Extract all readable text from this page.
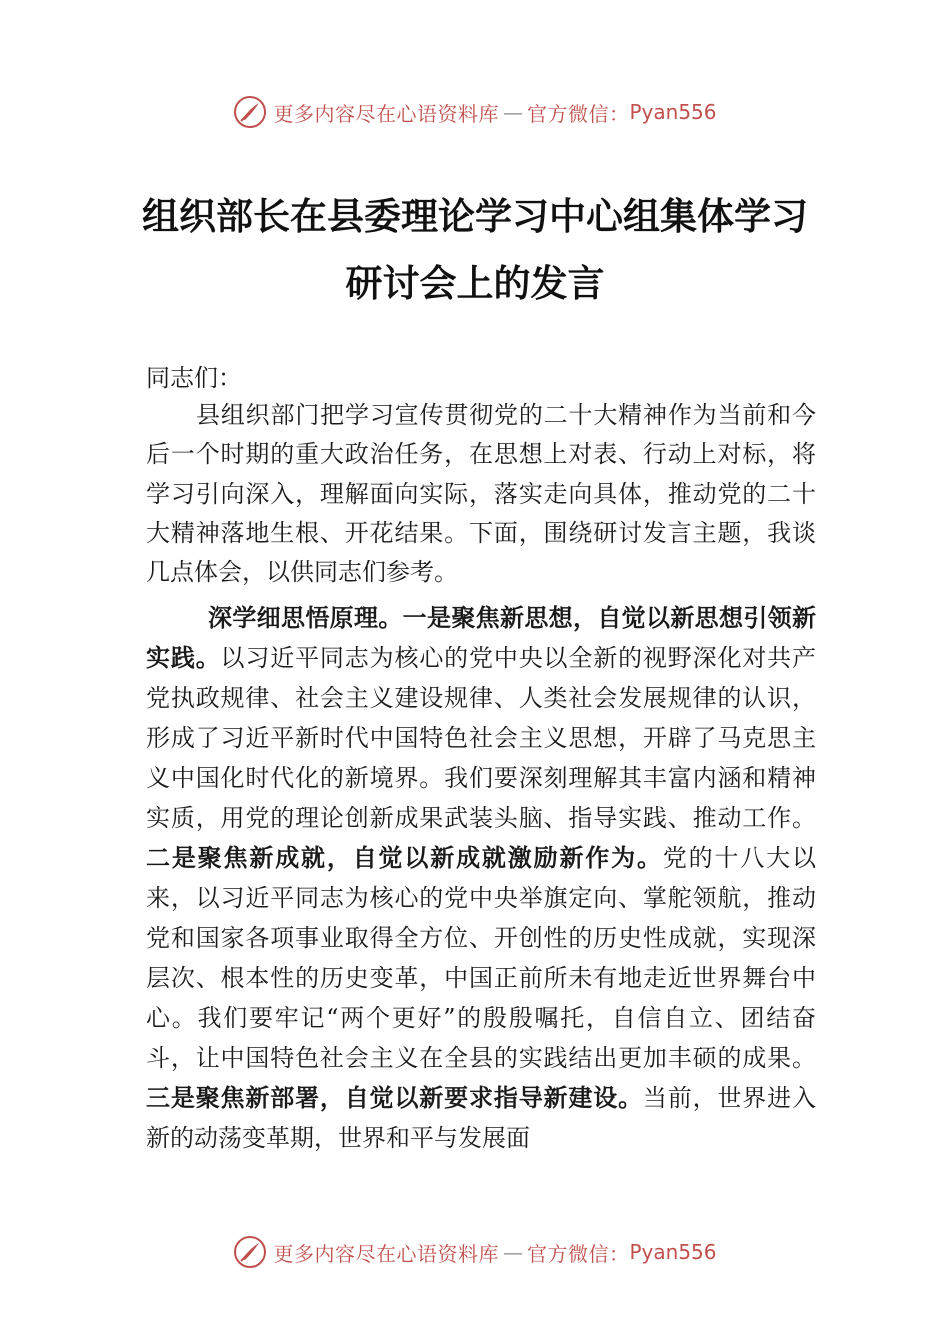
更多内容尽在心语资料库 — 官方微信： Pyan556
组织部长在县委理论学习中心组集体学习
研讨会上的发言
同志们：
县组织部门把学习宣传贯彻党的二十大精神作为当前和今后一个时期的重大政治任务，在思想上对表、行动上对标，将学习引向深入，理解面向实际，落实走向具体，推动党的二十大精神落地生根、开花结果。下面，围绕研讨发言主题，我谈几点体会，以供同志们参考。
深学细思悟原理。一是聚焦新思想，自觉以新思想引领新实践。以习近平同志为核心的党中央以全新的视野深化对共产党执政规律、社会主义建设规律、人类社会发展规律的认识，形成了习近平新时代中国特色社会主义思想，开辟了马克思主义中国化时代化的新境界。我们要深刻理解其丰富内涵和精神实质，用党的理论创新成果武装头脑、指导实践、推动工作。二是聚焦新成就，自觉以新成就激励新作为。党的十八大以来，以习近平同志为核心的党中央举旗定向、掌舵领航，推动党和国家各项事业取得全方位、开创性的历史性成就，实现深层次、根本性的历史变革，中国正前所未有地走近世界舞台中心。我们要牢记“两个更好”的殷殷嘱托，自信自立、团结奋斗，让中国特色社会主义在全县的实践结出更加丰硕的成果。三是聚焦新部署，自觉以新要求指导新建设。当前，世界进入新的动荡变革期，世界和平与发展面
更多内容尽在心语资料库 — 官方微信： Pyan556
